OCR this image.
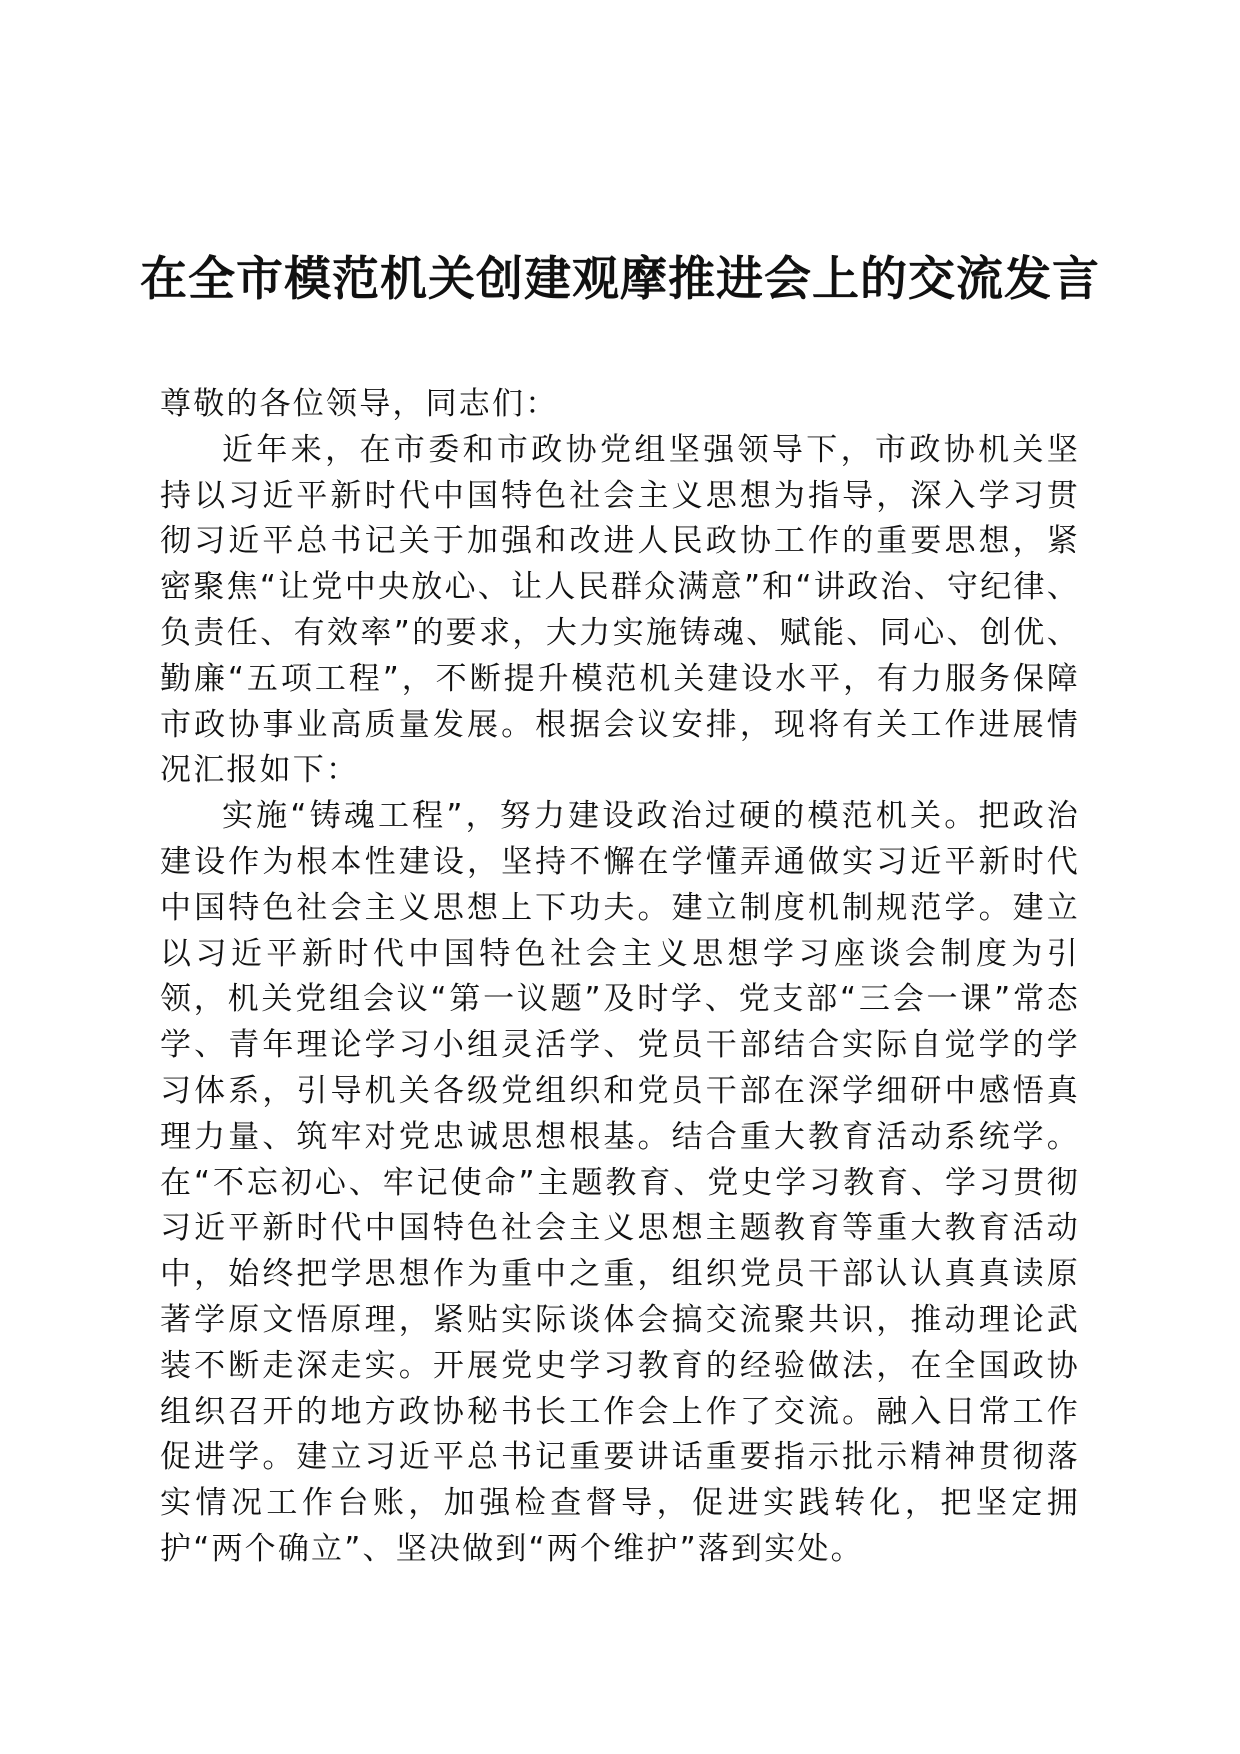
在全市模范机关创建观摩推进会上的交流发言

尊敬的各位领导，同志们：

近年来，在市委和市政协党组坚强领导下，市政协机关坚持以习近平新时代中国特色社会主义思想为指导，深入学习贯彻习近平总书记关于加强和改进人民政协工作的重要思想，紧密聚焦“让党中央放心、让人民群众满意”和“讲政治、守纪律、负责任、有效率”的要求，大力实施铸魂、赋能、同心、创优、勤廉“五项工程”，不断提升模范机关建设水平，有力服务保障市政协事业高质量发展。根据会议安排，现将有关工作进展情况汇报如下：

实施“铸魂工程”，努力建设政治过硬的模范机关。把政治建设作为根本性建设，坚持不懈在学懂弄通做实习近平新时代中国特色社会主义思想上下功夫。建立制度机制规范学。建立以习近平新时代中国特色社会主义思想学习座谈会制度为引领，机关党组会议“第一议题”及时学、党支部“三会一课”常态学、青年理论学习小组灵活学、党员干部结合实际自觉学的学习体系，引导机关各级党组织和党员干部在深学细研中感悟真理力量、筑牢对党忠诚思想根基。结合重大教育活动系统学。在“不忘初心、牢记使命”主题教育、党史学习教育、学习贯彻习近平新时代中国特色社会主义思想主题教育等重大教育活动中，始终把学思想作为重中之重，组织党员干部认认真真读原著学原文悟原理，紧贴实际谈体会搞交流聚共识，推动理论武装不断走深走实。开展党史学习教育的经验做法，在全国政协组织召开的地方政协秘书长工作会上作了交流。融入日常工作促进学。建立习近平总书记重要讲话重要指示批示精神贯彻落实情况工作台账，加强检查督导，促进实践转化，把坚定拥护“两个确立”、坚决做到“两个维护”落到实处。
